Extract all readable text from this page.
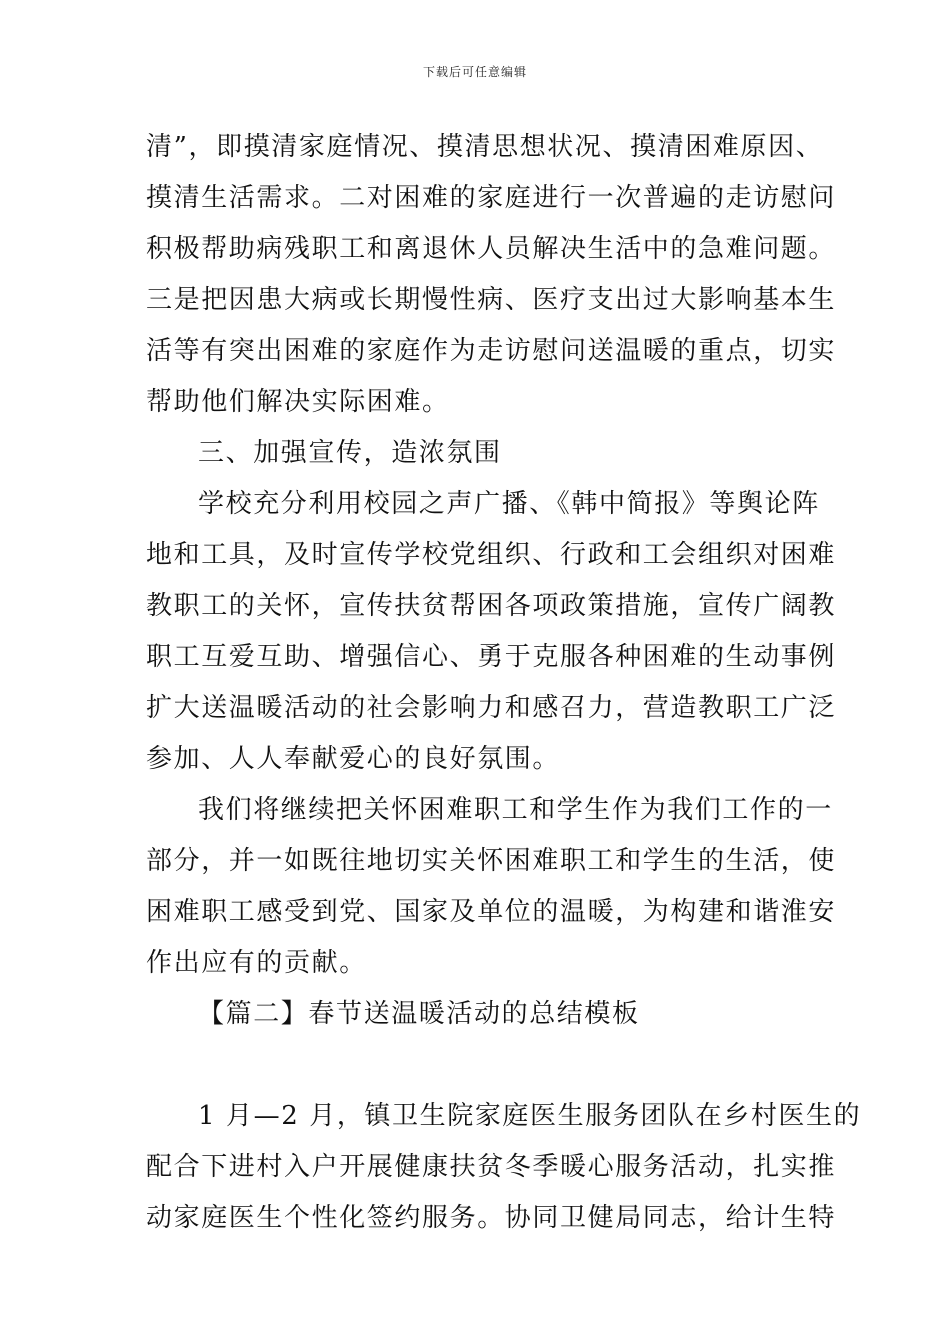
下载后可任意编辑
清”，即摸清家庭情况、摸清思想状况、摸清困难原因、
摸清生活需求。二对困难的家庭进行一次普遍的走访慰问
积极帮助病残职工和离退休人员解决生活中的急难问题。
三是把因患大病或长期慢性病、医疗支出过大影响基本生
活等有突出困难的家庭作为走访慰问送温暖的重点，切实
帮助他们解决实际困难。
三、加强宣传，造浓氛围
学校充分利用校园之声广播、《韩中简报》等舆论阵
地和工具，及时宣传学校党组织、行政和工会组织对困难
教职工的关怀，宣传扶贫帮困各项政策措施，宣传广阔教
职工互爱互助、增强信心、勇于克服各种困难的生动事例
扩大送温暖活动的社会影响力和感召力，营造教职工广泛
参加、人人奉献爱心的良好氛围。
我们将继续把关怀困难职工和学生作为我们工作的一
部分，并一如既往地切实关怀困难职工和学生的生活，使
困难职工感受到党、国家及单位的温暖，为构建和谐淮安
作出应有的贡献。
【篇二】春节送温暖活动的总结模板
1 月—2 月，镇卫生院家庭医生服务团队在乡村医生的
配合下进村入户开展健康扶贫冬季暖心服务活动，扎实推
动家庭医生个性化签约服务。协同卫健局同志，给计生特
